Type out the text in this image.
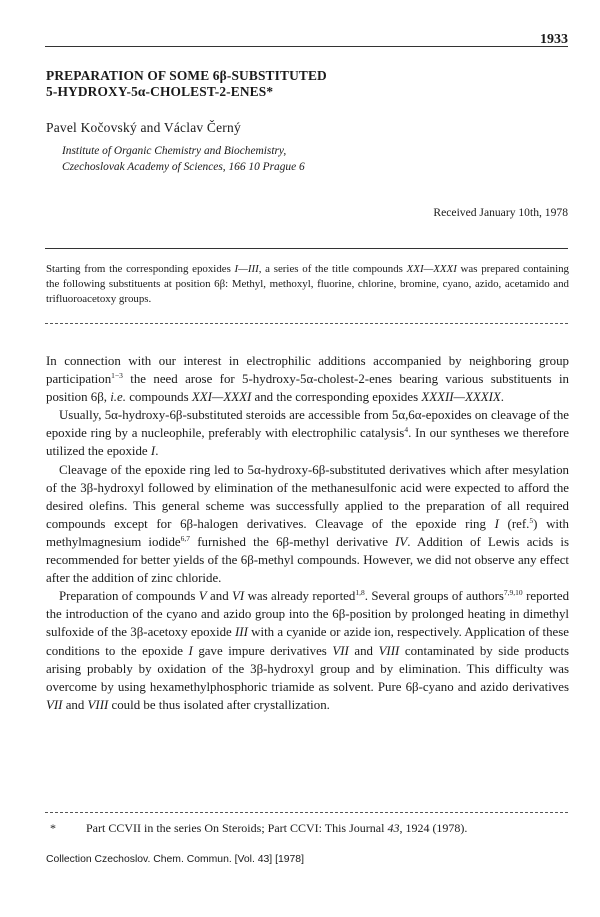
1933
PREPARATION OF SOME 6β-SUBSTITUTED
5-HYDROXY-5α-CHOLEST-2-ENES*
Pavel Kočovský and Václav Černý
Institute of Organic Chemistry and Biochemistry,
Czechoslovak Academy of Sciences, 166 10 Prague 6
Received January 10th, 1978
Starting from the corresponding epoxides I—III, a series of the title compounds XXI—XXXI was prepared containing the following substituents at position 6β: Methyl, methoxyl, fluorine, chlorine, bromine, cyano, azido, acetamido and trifluoroacetoxy groups.

In connection with our interest in electrophilic additions accompanied by neighboring group participation$^{1-3}$ the need arose for 5-hydroxy-5α-cholest-2-enes bearing various substituents in position 6β, i.e. compounds XXI—XXXI and the corresponding epoxides XXXII—XXXIX.

Usually, 5α-hydroxy-6β-substituted steroids are accessible from 5α,6α-epoxides on cleavage of the epoxide ring by a nucleophile, preferably with electrophilic catalysis$^4$. In our syntheses we therefore utilized the epoxide I.

Cleavage of the epoxide ring led to 5α-hydroxy-6β-substituted derivatives which after mesylation of the 3β-hydroxyl followed by elimination of the methanesulfonic acid were expected to afford the desired olefins. This general scheme was successfully applied to the preparation of all required compounds except for 6β-halogen derivatives. Cleavage of the epoxide ring I (ref.$^5$) with methylmagnesium iodide$^{6,7}$ furnished the 6β-methyl derivative IV. Addition of Lewis acids is recommended for better yields of the 6β-methyl compounds. However, we did not observe any effect after the addition of zinc chloride.

Preparation of compounds V and VI was already reported$^{1,8}$. Several groups of authors$^{7,9,10}$ reported the introduction of the cyano and azido group into the 6β-position by prolonged heating in dimethyl sulfoxide of the 3β-acetoxy epoxide III with a cyanide or azide ion, respectively. Application of these conditions to the epoxide I gave impure derivatives VII and VIII contaminated by side products arising probably by oxidation of the 3β-hydroxyl group and by elimination. This difficulty was overcome by using hexamethylphosphoric triamide as solvent. Pure 6β-cyano and azido derivatives VII and VIII could be thus isolated after crystallization.

*	Part CCVII in the series On Steroids; Part CCVI: This Journal 43, 1924 (1978).
Collection Czechoslov. Chem. Commun. [Vol. 43] [1978]
